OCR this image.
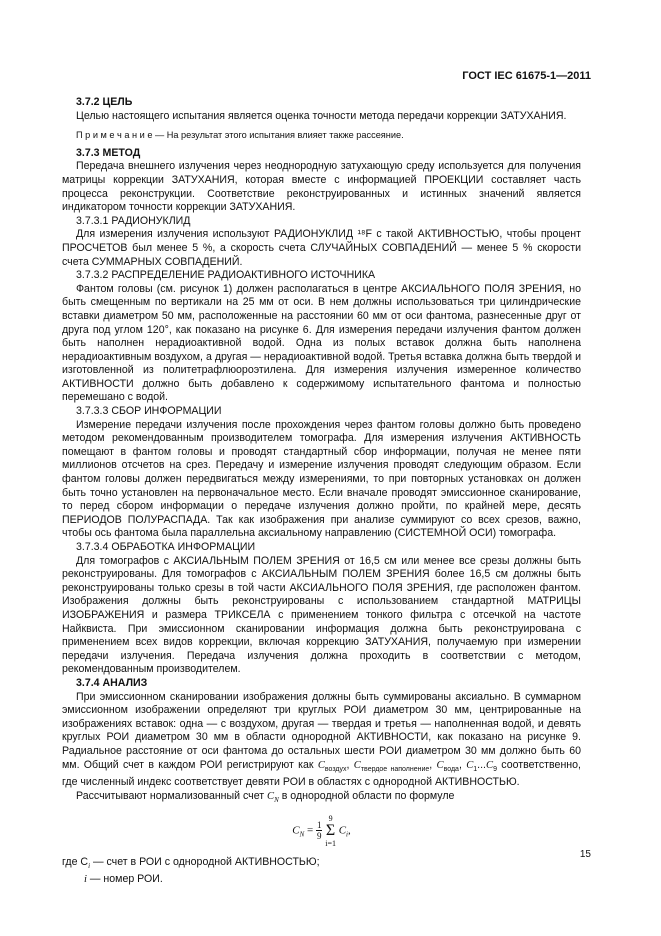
ГОСТ IEC 61675-1—2011

3.7.2 ЦЕЛЬ

Целью настоящего испытания является оценка точности метода передачи коррекции ЗАТУХАНИЯ.

П р и м е ч а н и е — На результат этого испытания влияет также рассеяние.

3.7.3 МЕТОД

Передача внешнего излучения через неоднородную затухающую среду используется для получения матрицы коррекции ЗАТУХАНИЯ, которая вместе с информацией ПРОЕКЦИИ составляет часть процесса реконструкции. Соответствие реконструированных и истинных значений является индикатором точности коррекции ЗАТУХАНИЯ.

3.7.3.1 РАДИОНУКЛИД

Для измерения излучения используют РАДИОНУКЛИД ¹⁸F с такой АКТИВНОСТЬЮ, чтобы процент ПРОСЧЕТОВ был менее 5 %, а скорость счета СЛУЧАЙНЫХ СОВПАДЕНИЙ — менее 5 % скорости счета СУММАРНЫХ СОВПАДЕНИЙ.

3.7.3.2 РАСПРЕДЕЛЕНИЕ РАДИОАКТИВНОГО ИСТОЧНИКА

Фантом головы (см. рисунок 1) должен располагаться в центре АКСИАЛЬНОГО ПОЛЯ ЗРЕНИЯ, но быть смещенным по вертикали на 25 мм от оси. В нем должны использоваться три цилиндрические вставки диаметром 50 мм, расположенные на расстоянии 60 мм от оси фантома, разнесенные друг от друга под углом 120°, как показано на рисунке 6. Для измерения передачи излучения фантом должен быть наполнен нерадиоактивной водой. Одна из полых вставок должна быть наполнена нерадиоактивным воздухом, а другая — нерадиоактивной водой. Третья вставка должна быть твердой и изготовленной из политетрафлюороэтилена. Для измерения излучения измеренное количество АКТИВНОСТИ должно быть добавлено к содержимому испытательного фантома и полностью перемешано с водой.

3.7.3.3 СБОР ИНФОРМАЦИИ

Измерение передачи излучения после прохождения через фантом головы должно быть проведено методом рекомендованным производителем томографа. Для измерения излучения АКТИВНОСТЬ помещают в фантом головы и проводят стандартный сбор информации, получая не менее пяти миллионов отсчетов на срез. Передачу и измерение излучения проводят следующим образом. Если фантом головы должен передвигаться между измерениями, то при повторных установках он должен быть точно установлен на первоначальное место. Если вначале проводят эмиссионное сканирование, то перед сбором информации о передаче излучения должно пройти, по крайней мере, десять ПЕРИОДОВ ПОЛУРАСПАДА. Так как изображения при анализе суммируют со всех срезов, важно, чтобы ось фантома была параллельна аксиальному направлению (СИСТЕМНОЙ ОСИ) томографа.

3.7.3.4 ОБРАБОТКА ИНФОРМАЦИИ

Для томографов с АКСИАЛЬНЫМ ПОЛЕМ ЗРЕНИЯ от 16,5 см или менее все срезы должны быть реконструированы. Для томографов с АКСИАЛЬНЫМ ПОЛЕМ ЗРЕНИЯ более 16,5 см должны быть реконструированы только срезы в той части АКСИАЛЬНОГО ПОЛЯ ЗРЕНИЯ, где расположен фантом. Изображения должны быть реконструированы с использованием стандартной МАТРИЦЫ ИЗОБРАЖЕНИЯ и размера ТРИКСЕЛА с применением тонкого фильтра с отсечкой на частоте Найквиста. При эмиссионном сканировании информация должна быть реконструирована с применением всех видов коррекции, включая коррекцию ЗАТУХАНИЯ, получаемую при измерении передачи излучения. Передача излучения должна проходить в соответствии с методом, рекомендованным производителем.

3.7.4 АНАЛИЗ

При эмиссионном сканировании изображения должны быть суммированы аксиально. В суммарном эмиссионном изображении определяют три круглых РОИ диаметром 30 мм, центрированные на изображениях вставок: одна — с воздухом, другая — твердая и третья — наполненная водой, и девять круглых РОИ диаметром 30 мм в области однородной АКТИВНОСТИ, как показано на рисунке 9. Радиальное расстояние от оси фантома до остальных шести РОИ диаметром 30 мм должно быть 60 мм. Общий счет в каждом РОИ регистрируют как $C_{воздух}$, $C_{твердое наполнение}$, $C_{вода}$, $C_1...C_9$ соответственно, где численный индекс соответствует девяти РОИ в областях с однородной АКТИВНОСТЬЮ.

Рассчитывают нормализованный счет $C_N$ в однородной области по формуле

$C_N = \frac{1}{9}$
9
Σ
i=1 $C_i$,

где $C_i$ — счет в РОИ с однородной АКТИВНОСТЬЮ;

i — номер РОИ.

15
